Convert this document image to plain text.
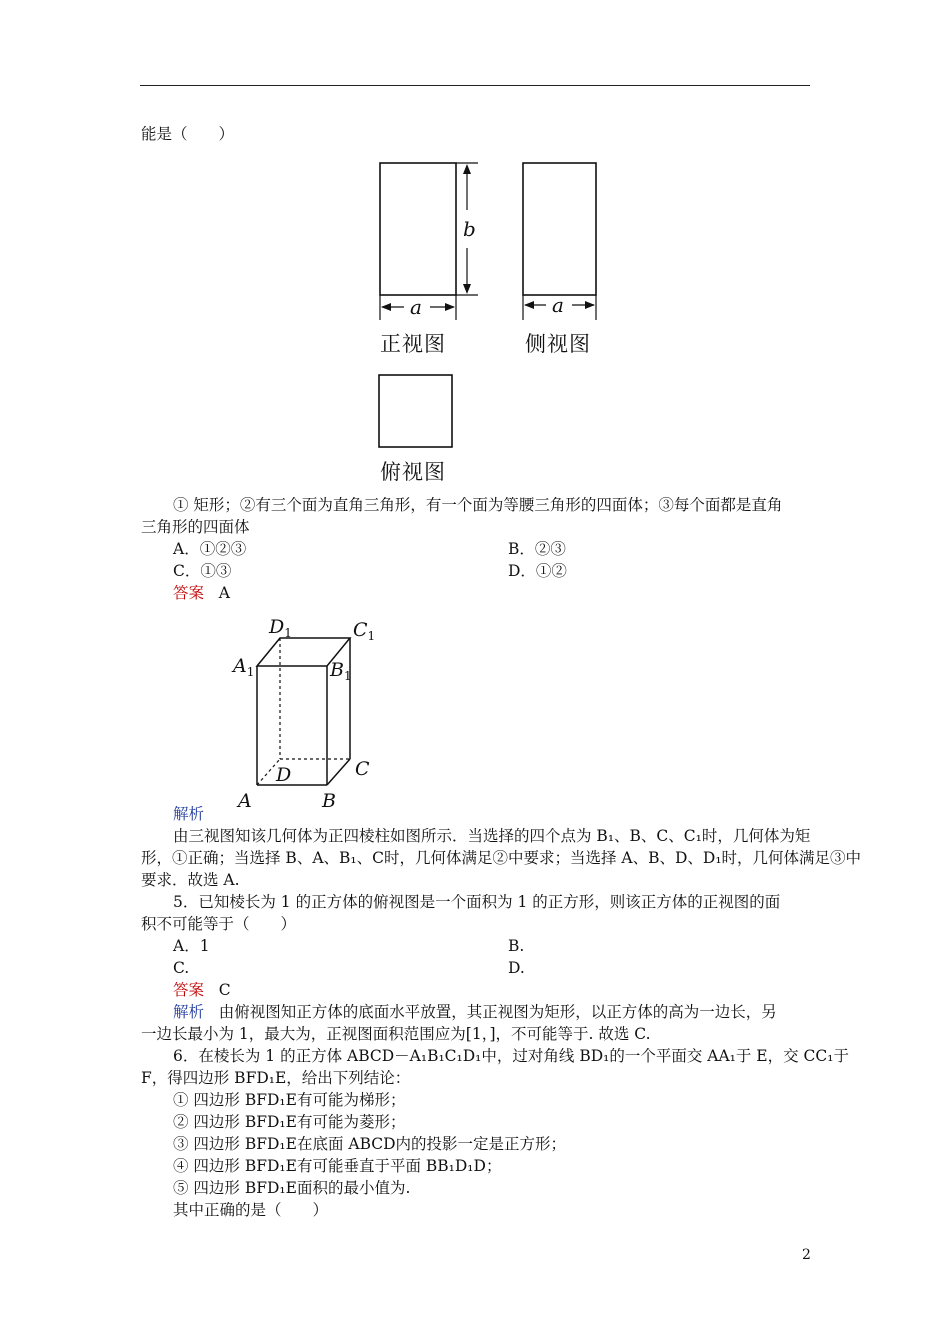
能是（　　）
b
a	a
正视图	侧视图
俯视图
① 矩形；②有三个面为直角三角形，有一个面为等腰三角形的四面体；③每个面都是直角
三角形的四面体
A．①②③	B．②③
C．①③	D．①②
答案 A
$D_1$	$C_1$
$A_1$	$B_1$
C
D
A	B
解析
由三视图知该几何体为正四棱柱如图所示．当选择的四个点为 B₁、B、C、C₁时，几何体为矩
形，①正确；当选择 B、A、B₁、C时，几何体满足②中要求；当选择 A、B、D、D₁时，几何体满足③中
要求．故选 A.
5．已知棱长为 1 的正方体的俯视图是一个面积为 1 的正方形，则该正方体的正视图的面
积不可能等于（　　）
A．1	B.
C.	D.
答案 C
解析 由俯视图知正方体的底面水平放置，其正视图为矩形，以正方体的高为一边长，另
一边长最小为 1，最大为，正视图面积范围应为[1，]，不可能等于. 故选 C.
6．在棱长为 1 的正方体 ABCD－A₁B₁C₁D₁中，过对角线 BD₁的一个平面交 AA₁于 E，交 CC₁于
F，得四边形 BFD₁E，给出下列结论：
① 四边形 BFD₁E有可能为梯形；
② 四边形 BFD₁E有可能为菱形；
③ 四边形 BFD₁E在底面 ABCD内的投影一定是正方形；
④ 四边形 BFD₁E有可能垂直于平面 BB₁D₁D；
⑤ 四边形 BFD₁E面积的最小值为.
其中正确的是（　　）
2
